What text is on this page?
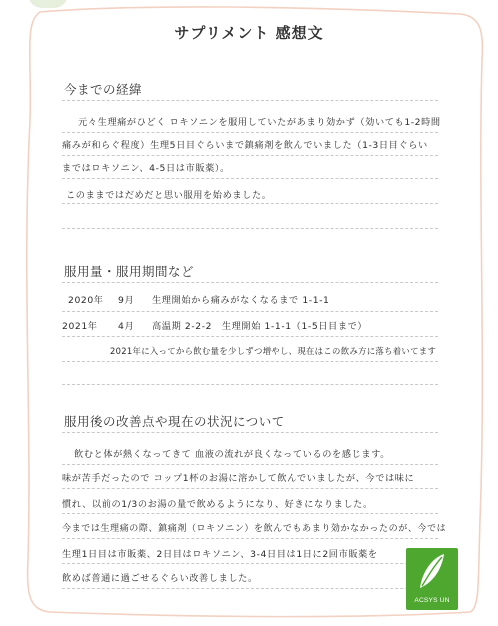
サプリメント 感想文
今までの経緯
元々生理痛がひどく ロキソニンを服用していたがあまり効かず（効いても1-2時間
痛みが和らぐ程度）生理5日目ぐらいまで鎮痛剤を飲んでいました（1-3日目ぐらい
まではロキソニン、4-5日は市販薬）。
このままではだめだと思い服用を始めました。
服用量・服用期間など
2020年 9月 生理開始から痛みがなくなるまで 1-1-1
2021年 4月 高温期 2-2-2　生理開始 1-1-1（1-5日目まで）
2021年に入ってから飲む量を少しずつ増やし、現在はこの飲み方に落ち着いてます
服用後の改善点や現在の状況について
飲むと体が熱くなってきて 血液の流れが良くなっているのを感じます。
味が苦手だったので コップ1杯のお湯に溶かして飲んでいましたが、今では味に
慣れ、以前の1/3のお湯の量で飲めるようになり、好きになりました。
今までは生理痛の際、鎮痛剤（ロキソニン）を飲んでもあまり効かなかったのが、今では
生理1日目は市販薬、2日目はロキソニン、3-4日目は1日に2回市販薬を
飲めば普通に過ごせるぐらい改善しました。
ACSYS UN
